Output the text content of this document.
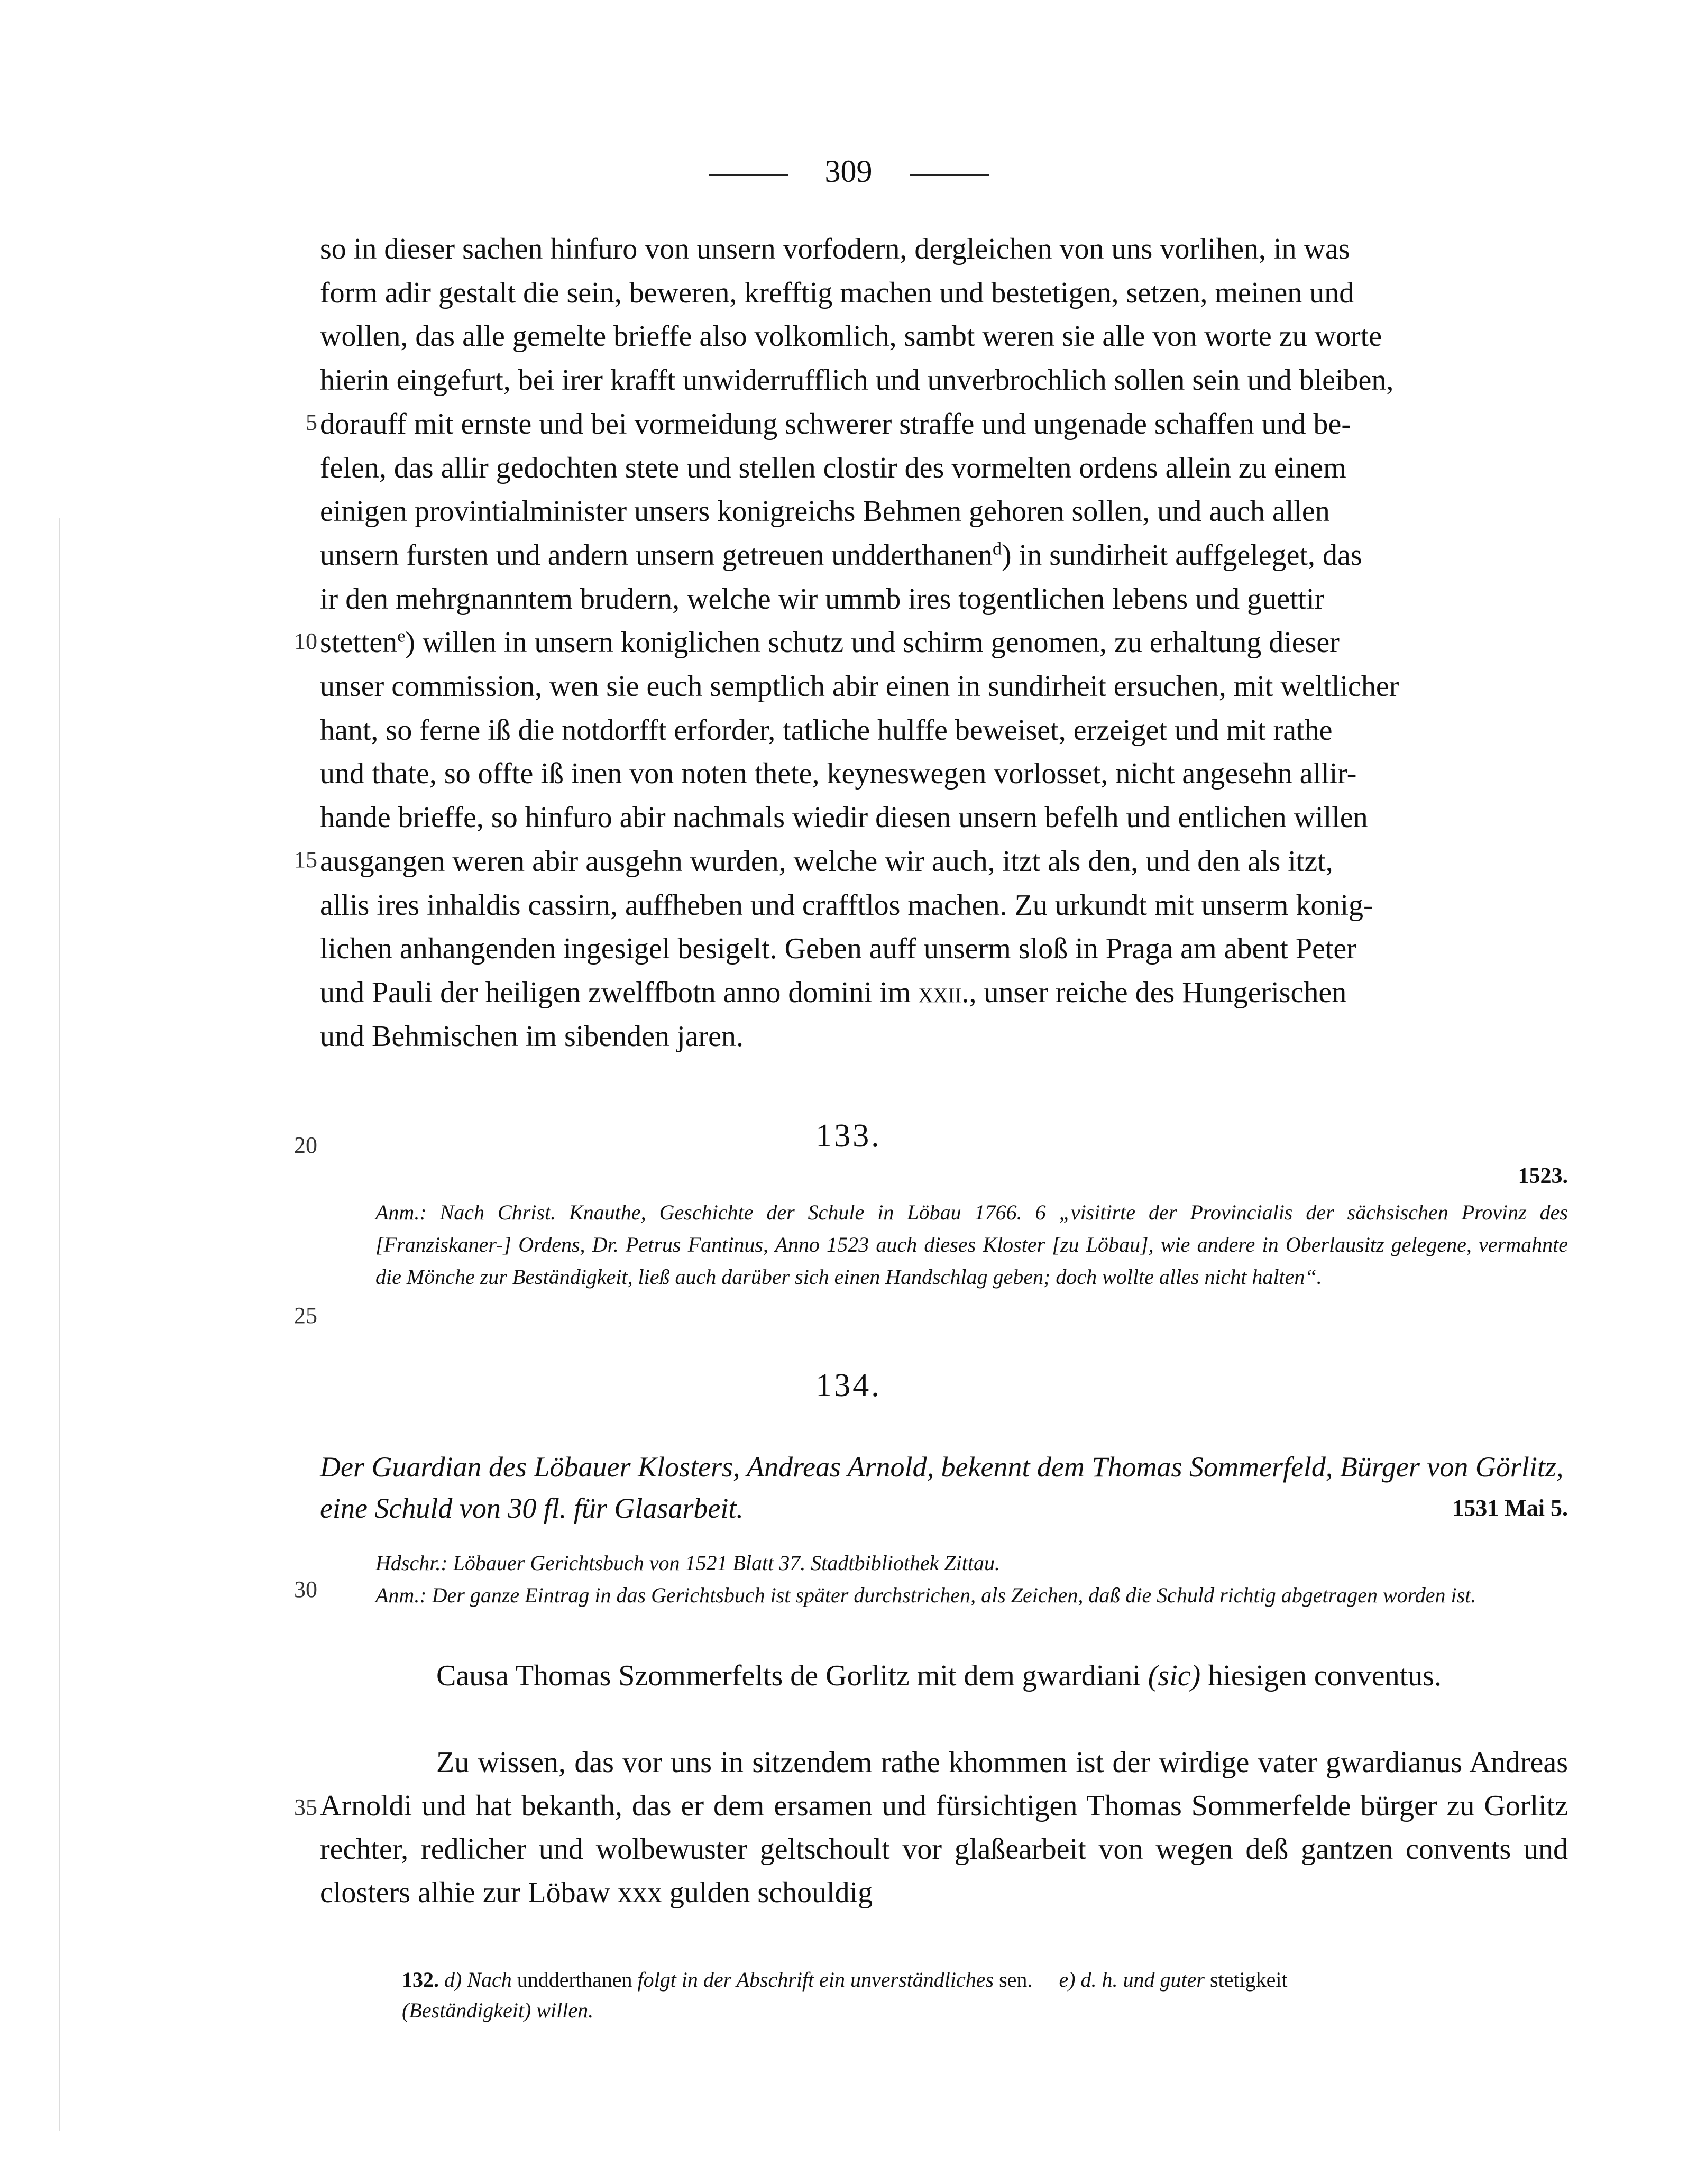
309
5
10
15
20
25
30
35
so in dieser sachen hinfuro von unsern vorfodern, dergleichen von uns vorlihen, in was
form adir gestalt die sein, beweren, krefftig machen und bestetigen, setzen, meinen und
wollen, das alle gemelte brieffe also volkomlich, sambt weren sie alle von worte zu worte
hierin eingefurt, bei irer krafft unwiderrufflich und unverbrochlich sollen sein und bleiben,
dorauff mit ernste und bei vormeidung schwerer straffe und ungenade schaffen und be-
felen, das allir gedochten stete und stellen clostir des vormelten ordens allein zu einem
einigen provintialminister unsers konigreichs Behmen gehoren sollen, und auch allen
unsern fursten und andern unsern getreuen undderthanen$^d$) in sundirheit auffgeleget, das
ir den mehrgnanntem brudern, welche wir ummb ires togentlichen lebens und guettir
stetten$^e$) willen in unsern koniglichen schutz und schirm genomen, zu erhaltung dieser
unser commission, wen sie euch semptlich abir einen in sundirheit ersuchen, mit weltlicher
hant, so ferne iß die notdorfft erforder, tatliche hulffe beweiset, erzeiget und mit rathe
und thate, so offte iß inen von noten thete, keyneswegen vorlosset, nicht angesehn allir-
hande brieffe, so hinfuro abir nachmals wiedir diesen unsern befelh und entlichen willen
ausgangen weren abir ausgehn wurden, welche wir auch, itzt als den, und den als itzt,
allis ires inhaldis cassirn, auffheben und crafftlos machen. Zu urkundt mit unserm konig-
lichen anhangenden ingesigel besigelt. Geben auff unserm sloß in Praga am abent Peter
und Pauli der heiligen zwelffbotn anno domini im xxii., unser reiche des Hungerischen
und Behmischen im sibenden jaren.
133.
1523.

Anm.: Nach Christ. Knauthe, Geschichte der Schule in Löbau 1766. 6 „visitirte der Provincialis der sächsischen Provinz des [Franziskaner-] Ordens, Dr. Petrus Fantinus, Anno 1523 auch dieses Kloster [zu Löbau], wie andere in Oberlausitz gelegene, vermahnte die Mönche zur Beständigkeit, ließ auch darüber sich einen Handschlag geben; doch wollte alles nicht halten“.

134.
Der Guardian des Löbauer Klosters, Andreas Arnold, bekennt dem Thomas Sommerfeld, Bürger von Görlitz, eine Schuld von 30 fl. für Glasarbeit.	1531 Mai 5.

Hdschr.: Löbauer Gerichtsbuch von 1521 Blatt 37. Stadtbibliothek Zittau.

Anm.: Der ganze Eintrag in das Gerichtsbuch ist später durchstrichen, als Zeichen, daß die Schuld richtig abgetragen worden ist.

Causa Thomas Szommerfelts de Gorlitz mit dem gwardiani (sic) hiesigen conventus.

Zu wissen, das vor uns in sitzendem rathe khommen ist der wirdige vater gwardianus Andreas Arnoldi und hat bekanth, das er dem ersamen und fürsichtigen Thomas Sommerfelde bürger zu Gorlitz rechter, redlicher und wolbewuster geltschoult vor glaßearbeit von wegen deß gantzen convents und closters alhie zur Löbaw xxx gulden schouldig

132. d) Nach undderthanen folgt in der Abschrift ein unverständliches sen. e) d. h. und guter stetigkeit
(Beständigkeit) willen.
